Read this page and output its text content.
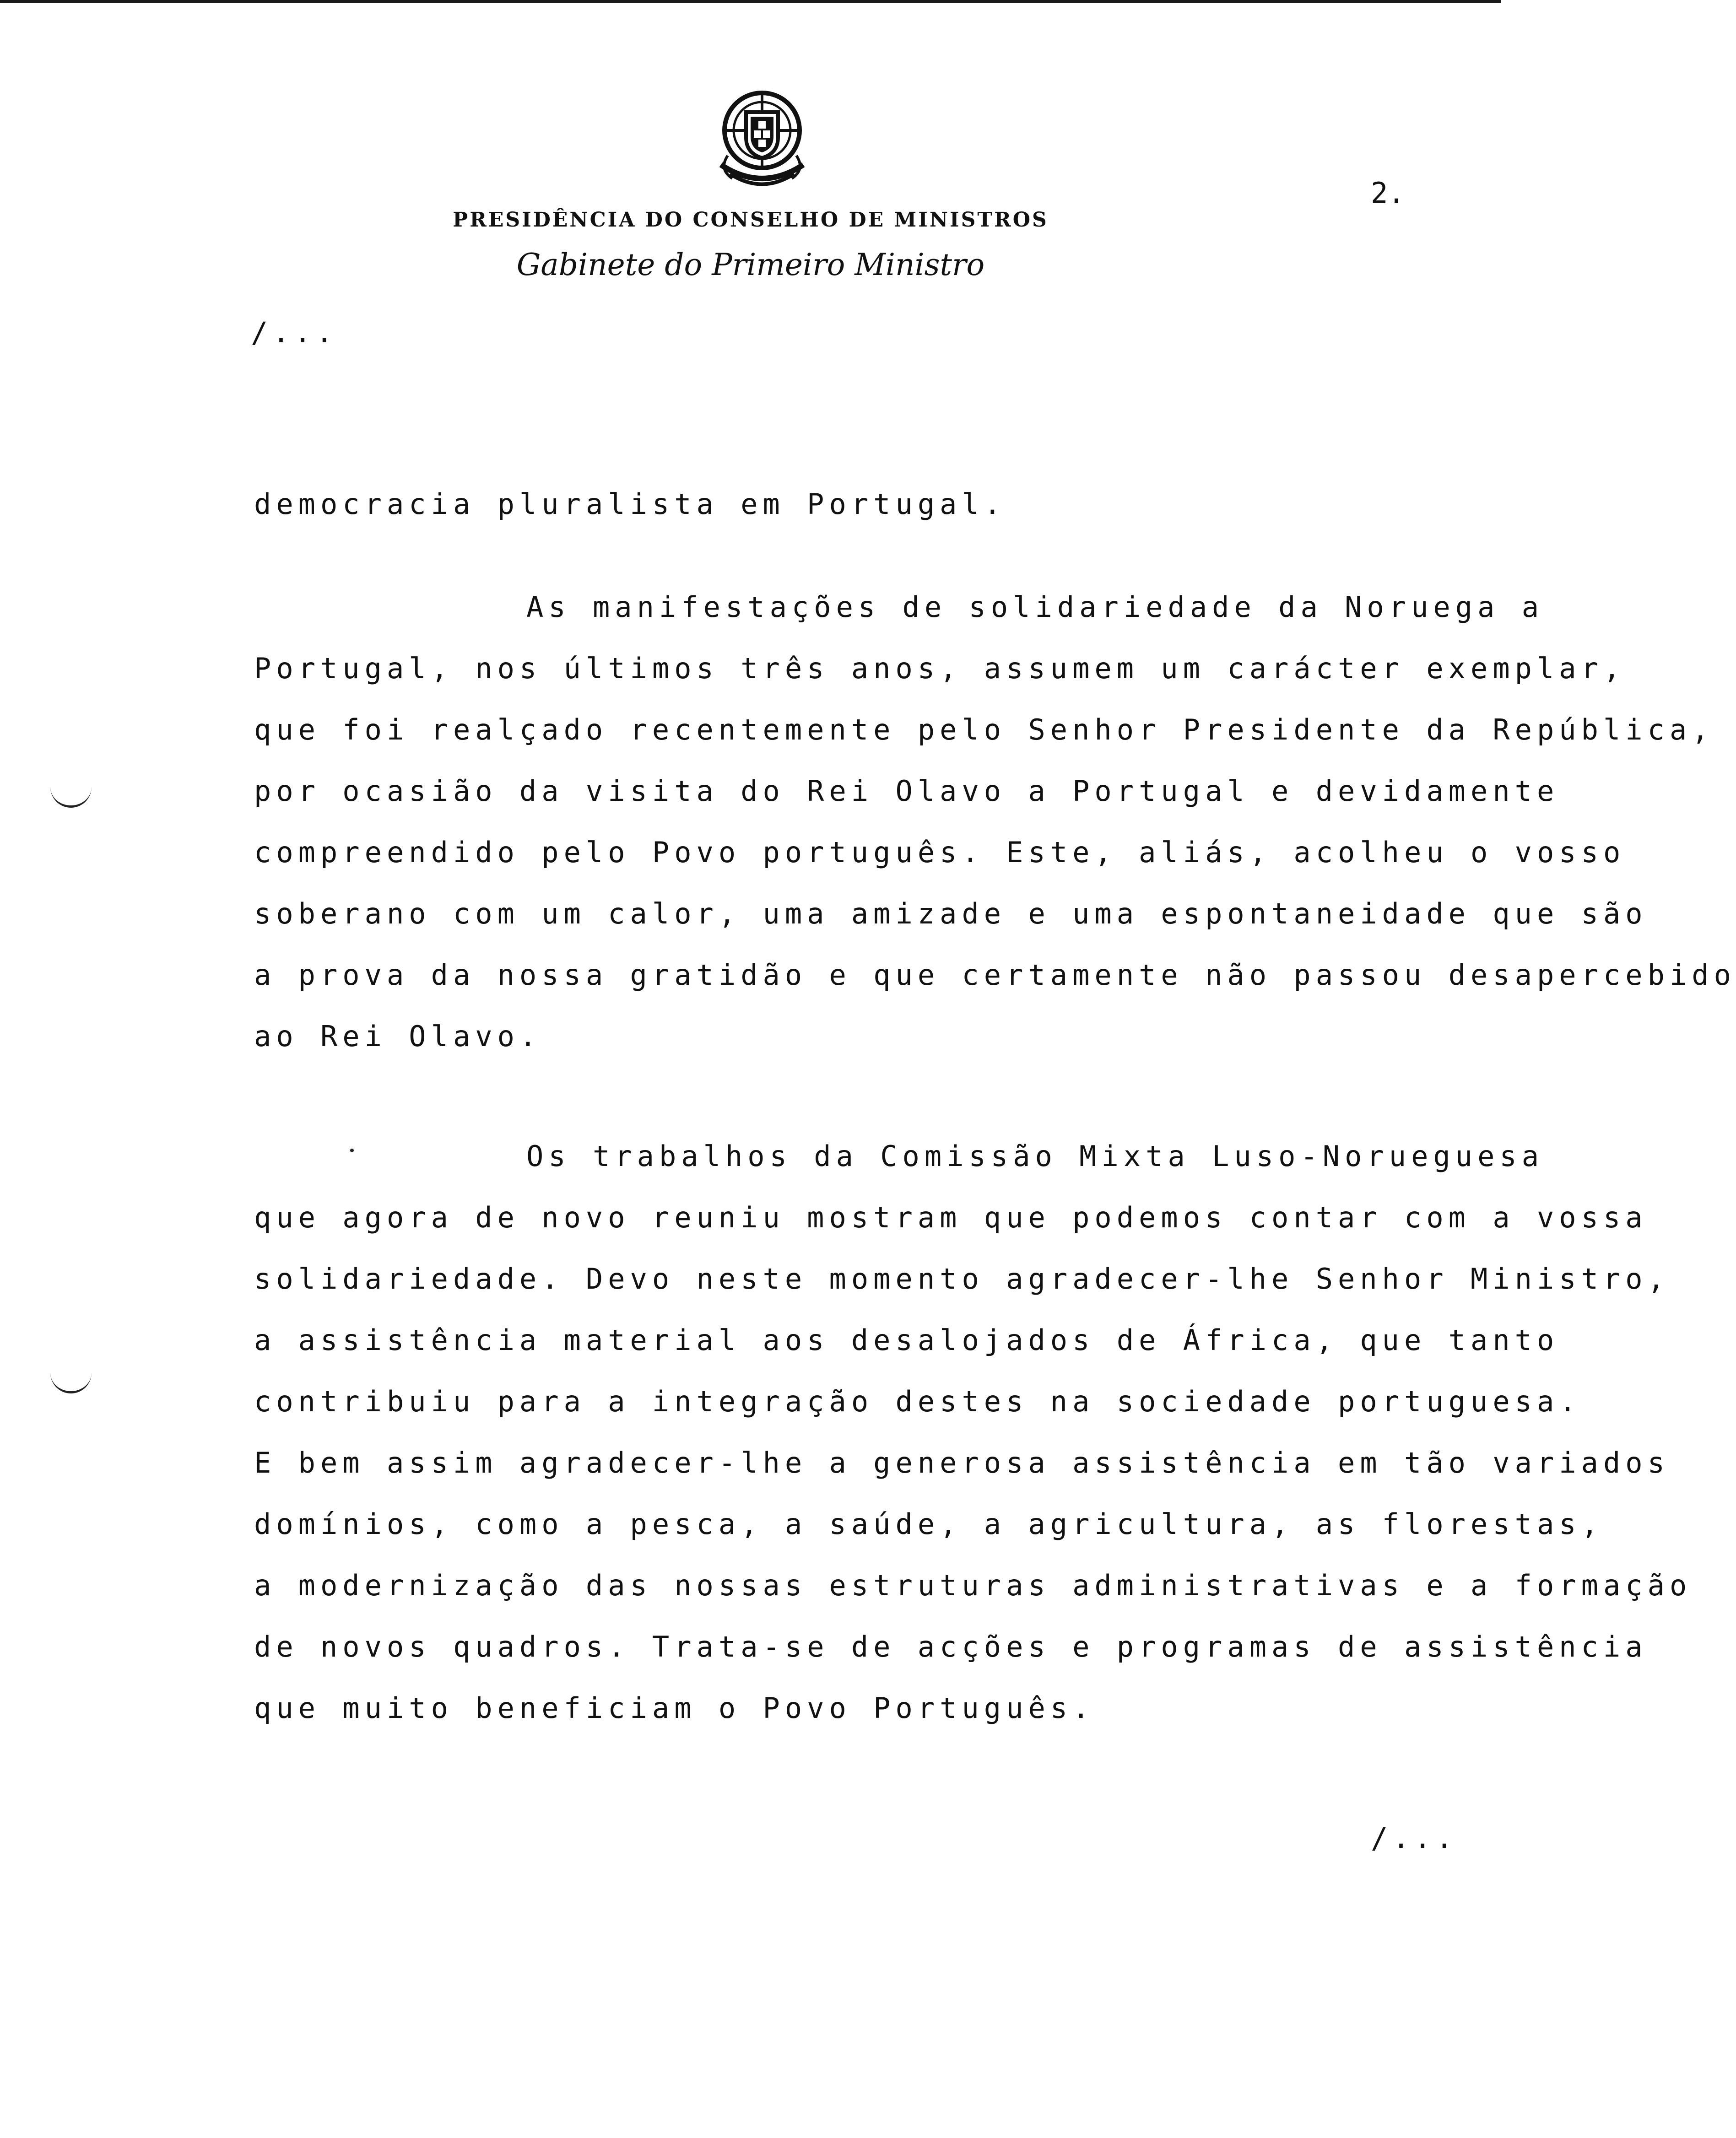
PRESIDÊNCIA DO CONSELHO DE MINISTROS
Gabinete do Primeiro Ministro
2.
/...
democracia pluralista em Portugal.
As manifestações de solidariedade da Noruega a
Portugal, nos últimos três anos, assumem um carácter exemplar,
que foi realçado recentemente pelo Senhor Presidente da República,
por ocasião da visita do Rei Olavo a Portugal e devidamente
compreendido pelo Povo português. Este, aliás, acolheu o vosso
soberano com um calor, uma amizade e uma espontaneidade que são
a prova da nossa gratidão e que certamente não passou desapercebido
ao Rei Olavo.
Os trabalhos da Comissão Mixta Luso-Norueguesa
que agora de novo reuniu mostram que podemos contar com a vossa
solidariedade. Devo neste momento agradecer-lhe Senhor Ministro,
a assistência material aos desalojados de África, que tanto
contribuiu para a integração destes na sociedade portuguesa.
E bem assim agradecer-lhe a generosa assistência em tão variados
domínios, como a pesca, a saúde, a agricultura, as florestas,
a modernização das nossas estruturas administrativas e a formação
de novos quadros. Trata-se de acções e programas de assistência
que muito beneficiam o Povo Português.
/...
